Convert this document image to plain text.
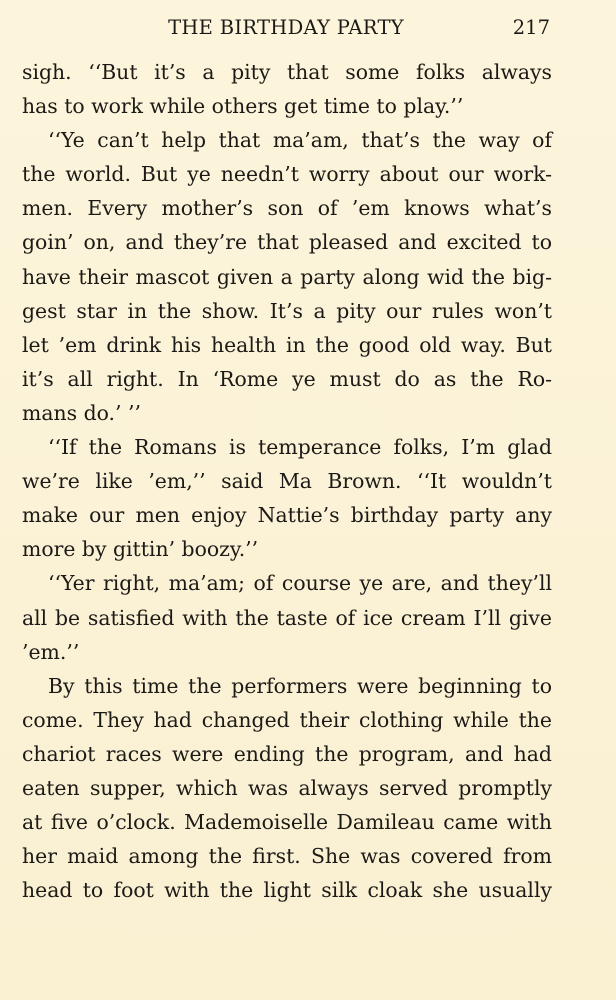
THE BIRTHDAY PARTY	217
sigh. ‘‘But it’s a pity that some folks always
has to work while others get time to play.’’
‘‘Ye can’t help that ma’am, that’s the way of
the world. But ye needn’t worry about our work-
men. Every mother’s son of ’em knows what’s
goin’ on, and they’re that pleased and excited to
have their mascot given a party along wid the big-
gest star in the show. It’s a pity our rules won’t
let ’em drink his health in the good old way. But
it’s all right. In ‘Rome ye must do as the Ro-
mans do.’ ’’
‘‘If the Romans is temperance folks, I’m glad
we’re like ’em,’’ said Ma Brown. ‘‘It wouldn’t
make our men enjoy Nattie’s birthday party any
more by gittin’ boozy.’’
‘‘Yer right, ma’am; of course ye are, and they’ll
all be satisfied with the taste of ice cream I’ll give
’em.’’
By this time the performers were beginning to
come. They had changed their clothing while the
chariot races were ending the program, and had
eaten supper, which was always served promptly
at five o’clock. Mademoiselle Damileau came with
her maid among the first. She was covered from
head to foot with the light silk cloak she usually
